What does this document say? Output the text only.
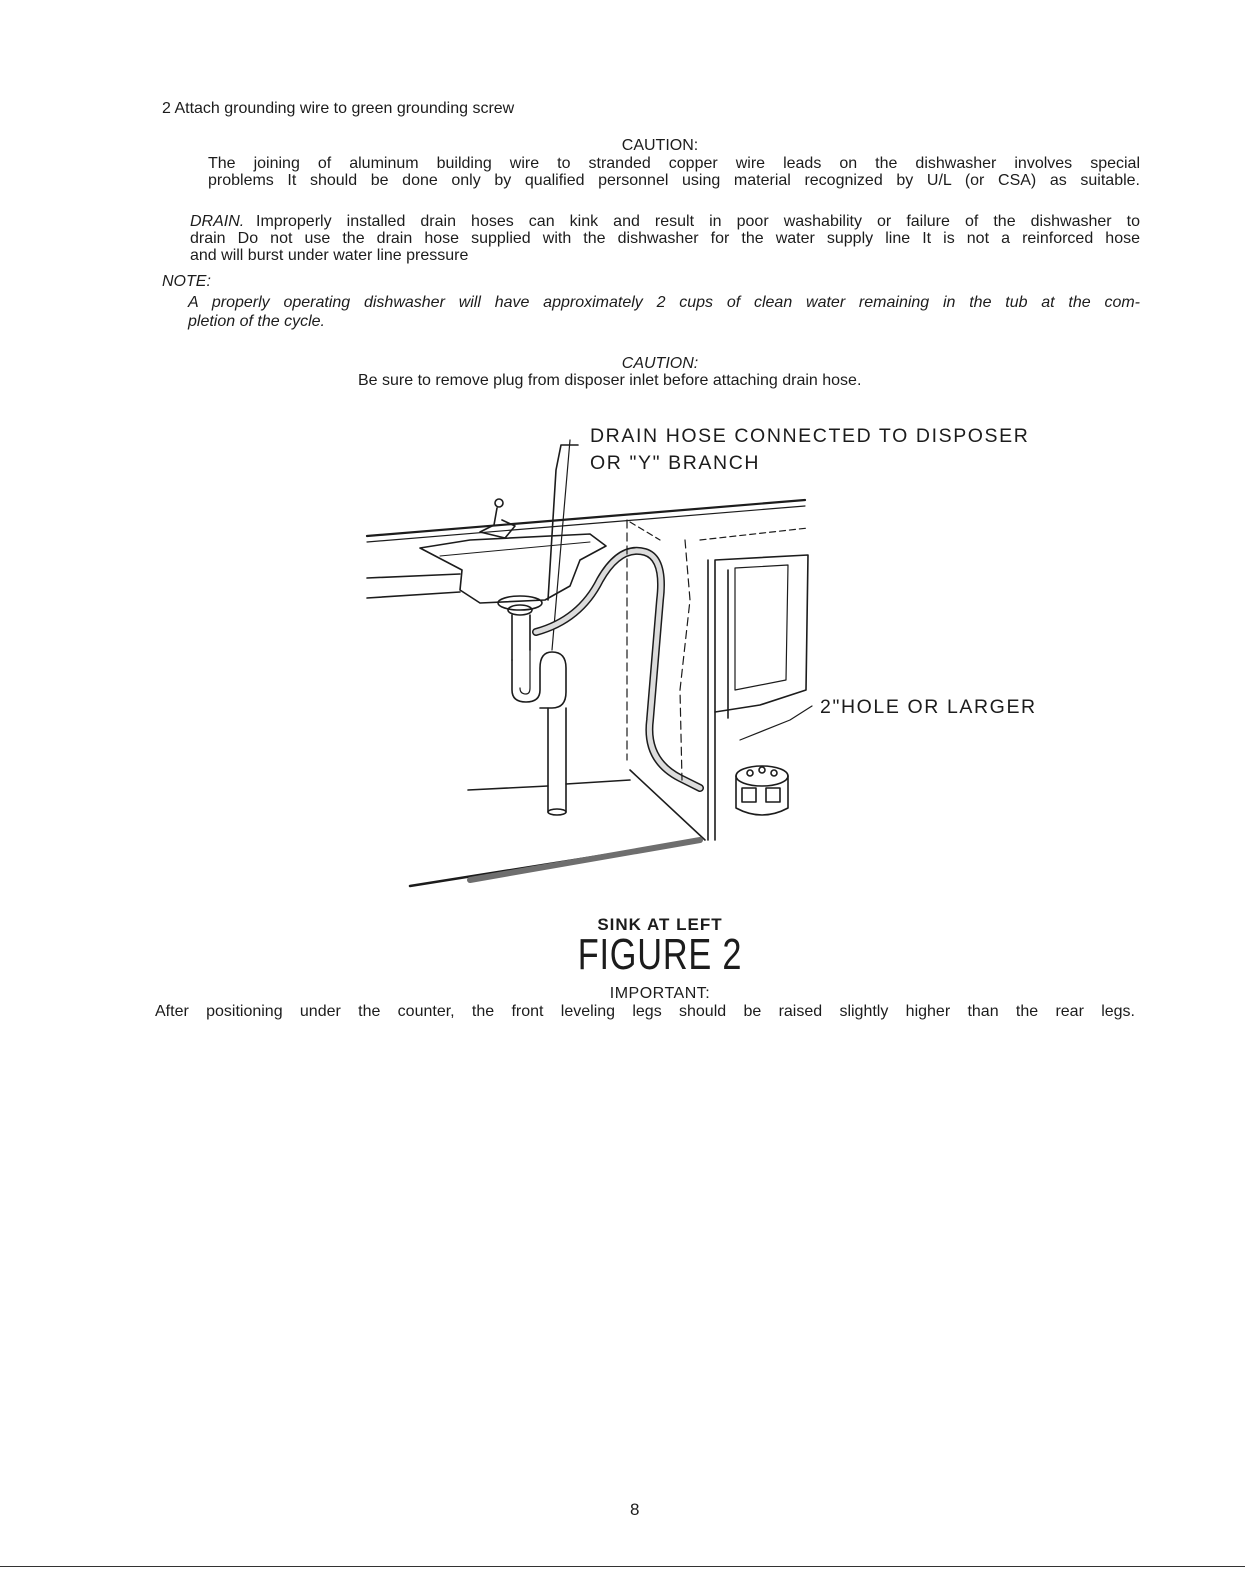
2 Attach grounding wire to green grounding screw
CAUTION:
The joining of aluminum building wire to stranded copper wire leads on the dishwasher involves special
problems It should be done only by qualified personnel using material recognized by U/L (or CSA) as suitable.
DRAIN. Improperly installed drain hoses can kink and result in poor washability or failure of the dishwasher to
drain Do not use the drain hose supplied with the dishwasher for the water supply line It is not a reinforced hose
and will burst under water line pressure
NOTE:
A properly operating dishwasher will have approximately 2 cups of clean water remaining in the tub at the com-
pletion of the cycle.
CAUTION:
Be sure to remove plug from disposer inlet before attaching drain hose.
DRAIN HOSE CONNECTED TO DISPOSER
OR "Y" BRANCH
2"HOLE OR LARGER
SINK AT LEFT
FIGURE 2
IMPORTANT:
After positioning under the counter, the front leveling legs should be raised slightly higher than the rear legs.
8
